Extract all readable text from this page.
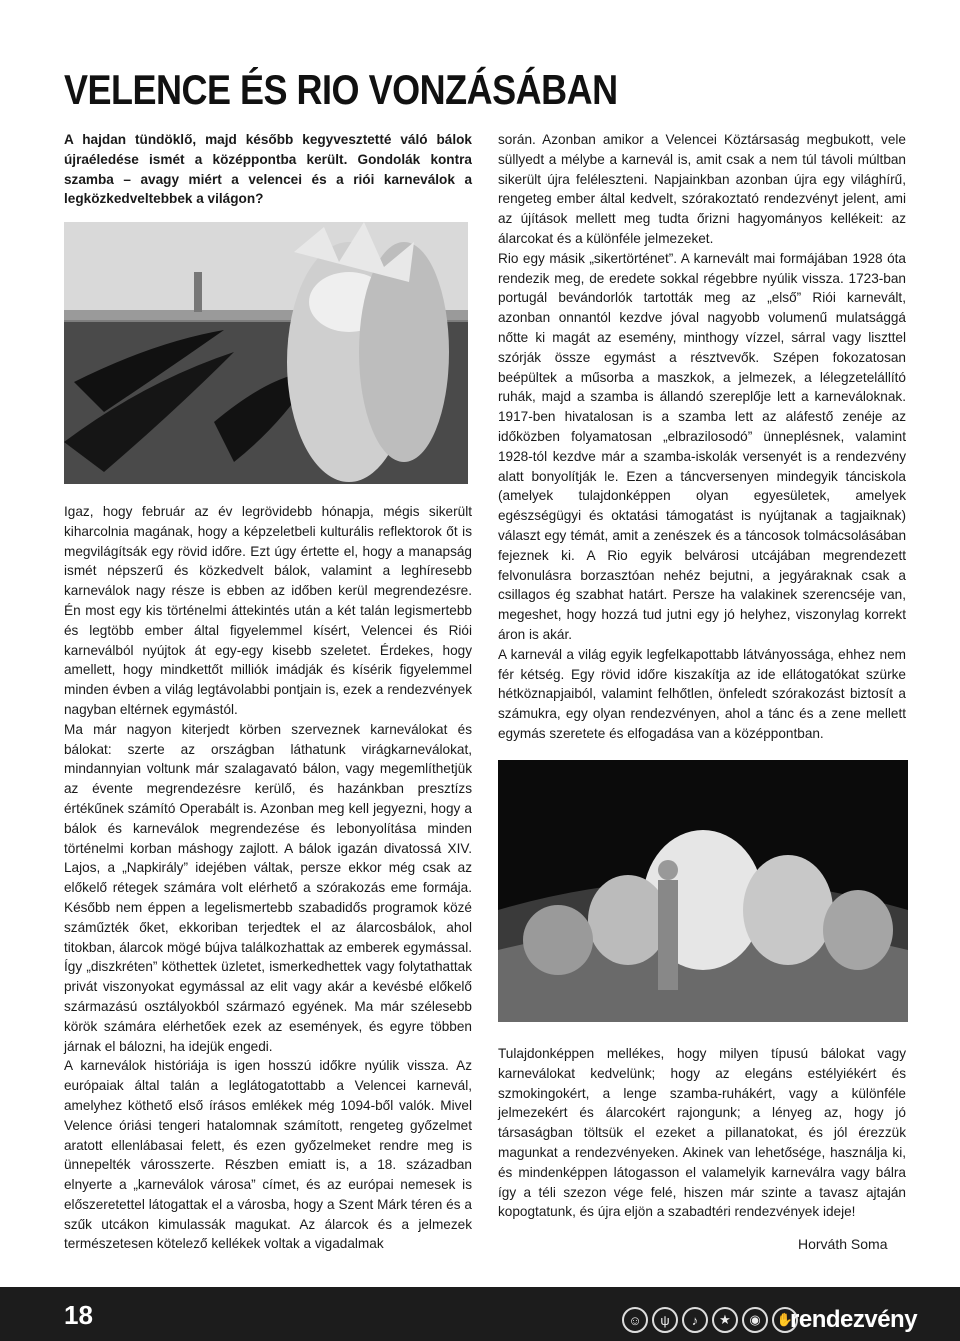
VELENCE ÉS RIO VONZÁSÁBAN
A hajdan tündöklő, majd később kegyvesztetté váló bálok újraéledése ismét a középpontba került. Gondolák kontra szamba – avagy miért a velencei és a riói karneválok a legközkedveltebbek a világon?

Igaz, hogy február az év legrövidebb hónapja, mégis sikerült kiharcolnia magának, hogy a képzeletbeli kulturális reflektorok őt is megvilágítsák egy rövid időre. Ezt úgy értette el, hogy a manapság ismét népszerű és közkedvelt bálok, valamint a leghíresebb karneválok nagy része is ebben az időben kerül megrendezésre. Én most egy kis történelmi áttekintés után a két talán legismertebb és legtöbb ember által figyelemmel kísért, Velencei és Riói karneválból nyújtok át egy-egy kisebb szeletet. Érdekes, hogy amellett, hogy mindkettőt milliók imádják és kísérik figyelemmel minden évben a világ legtávolabbi pontjain is, ezek a rendezvények nagyban eltérnek egymástól.

Ma már nagyon kiterjedt körben szerveznek karneválokat és bálokat: szerte az országban láthatunk virágkarneválokat, mindannyian voltunk már szalagavató bálon, vagy megemlíthetjük az évente megrendezésre kerülő, és hazánkban presztízs értékűnek számító Operabált is. Azonban meg kell jegyezni, hogy a bálok és karneválok megrendezése és lebonyolítása minden történelmi korban máshogy zajlott. A bálok igazán divatossá XIV. Lajos, a „Napkirály” idejében váltak, persze ekkor még csak az előkelő rétegek számára volt elérhető a szórakozás eme formája. Később nem éppen a legelismertebb szabadidős programok közé száműzték őket, ekkoriban terjedtek el az álarcosbálok, ahol titokban, álarcok mögé bújva találkozhattak az emberek egymással. Így „diszkréten” köthettek üzletet, ismerkedhettek vagy folytathattak privát viszonyokat egymással az elit vagy akár a kevésbé előkelő származású osztályokból származó egyének. Ma már szélesebb körök számára elérhetőek ezek az események, és egyre többen járnak el bálozni, ha idejük engedi.

A karneválok históriája is igen hosszú időkre nyúlik vissza. Az európaiak által talán a leglátogatottabb a Velencei karnevál, amelyhez köthető első írásos emlékek még 1094-ből valók. Mivel Velence óriási tengeri hatalomnak számított, rengeteg győzelmet aratott ellenlábasai felett, és ezen győzelmeket rendre meg is ünnepelték városszerte. Részben emiatt is, a 18. században elnyerte a „karneválok városa” címet, és az európai nemesek is előszeretettel látogattak el a városba, hogy a Szent Márk téren és a szűk utcákon kimulassák magukat. Az álarcok és a jelmezek természetesen kötelező kellékek voltak a vigadalmak

során. Azonban amikor a Velencei Köztársaság megbukott, vele süllyedt a mélybe a karnevál is, amit csak a nem túl távoli múltban sikerült újra feléleszteni. Napjainkban azonban újra egy világhírű, rengeteg ember által kedvelt, szórakoztató rendezvényt jelent, ami az újítások mellett meg tudta őrizni hagyományos kellékeit: az álarcokat és a különféle jelmezeket.

Rio egy másik „sikertörténet”. A karnevált mai formájában 1928 óta rendezik meg, de eredete sokkal régebbre nyúlik vissza. 1723-ban portugál bevándorlók tartották meg az „első” Riói karnevált, azonban onnantól kezdve jóval nagyobb volumenű mulatsággá nőtte ki magát az esemény, minthogy vízzel, sárral vagy liszttel szórják össze egymást a résztvevők. Szépen fokozatosan beépültek a műsorba a maszkok, a jelmezek, a lélegzetelállító ruhák, majd a szamba is állandó szereplője lett a karneváloknak. 1917-ben hivatalosan is a szamba lett az aláfestő zenéje az időközben folyamatosan „elbrazilosodó” ünneplésnek, valamint 1928-tól kezdve már a szamba-iskolák versenyét is a rendezvény alatt bonyolítják le. Ezen a táncversenyen mindegyik tánciskola (amelyek tulajdonképpen olyan egyesületek, amelyek egészségügyi és oktatási támogatást is nyújtanak a tagjaiknak) választ egy témát, amit a zenészek és a táncosok tolmácsolásában fejeznek ki. A Rio egyik belvárosi utcájában megrendezett felvonulásra borzasztóan nehéz bejutni, a jegyáraknak csak a csillagos ég szabhat határt. Persze ha valakinek szerencséje van, megeshet, hogy hozzá tud jutni egy jó helyhez, viszonylag korrekt áron is akár.

A karnevál a világ egyik legfelkapottabb látványossága, ehhez nem fér kétség. Egy rövid időre kiszakítja az ide ellátogatókat szürke hétköznapjaiból, valamint felhőtlen, önfeledt szórakozást biztosít a számukra, egy olyan rendezvényen, ahol a tánc és a zene mellett egymás szeretete és elfogadása van a középpontban.

Tulajdonképpen mellékes, hogy milyen típusú bálokat vagy karneválokat kedvelünk; hogy az elegáns estélyiékért és szmokingokért, a lenge szamba-ruhákért, vagy a különféle jelmezekért és álarcokért rajongunk; a lényeg az, hogy jó társaságban töltsük el ezeket a pillanatokat, és jól érezzük magunkat a rendezvényeken. Akinek van lehetősége, használja ki, és mindenképpen látogasson el valamelyik karneválra vagy bálra így a téli szezon vége felé, hiszen már szinte a tavasz ajtaján kopogtatunk, és újra eljön a szabadtéri rendezvények ideje!
Horváth Soma
18	☺	ψ	♪	★	◉	✋
rendezvény
